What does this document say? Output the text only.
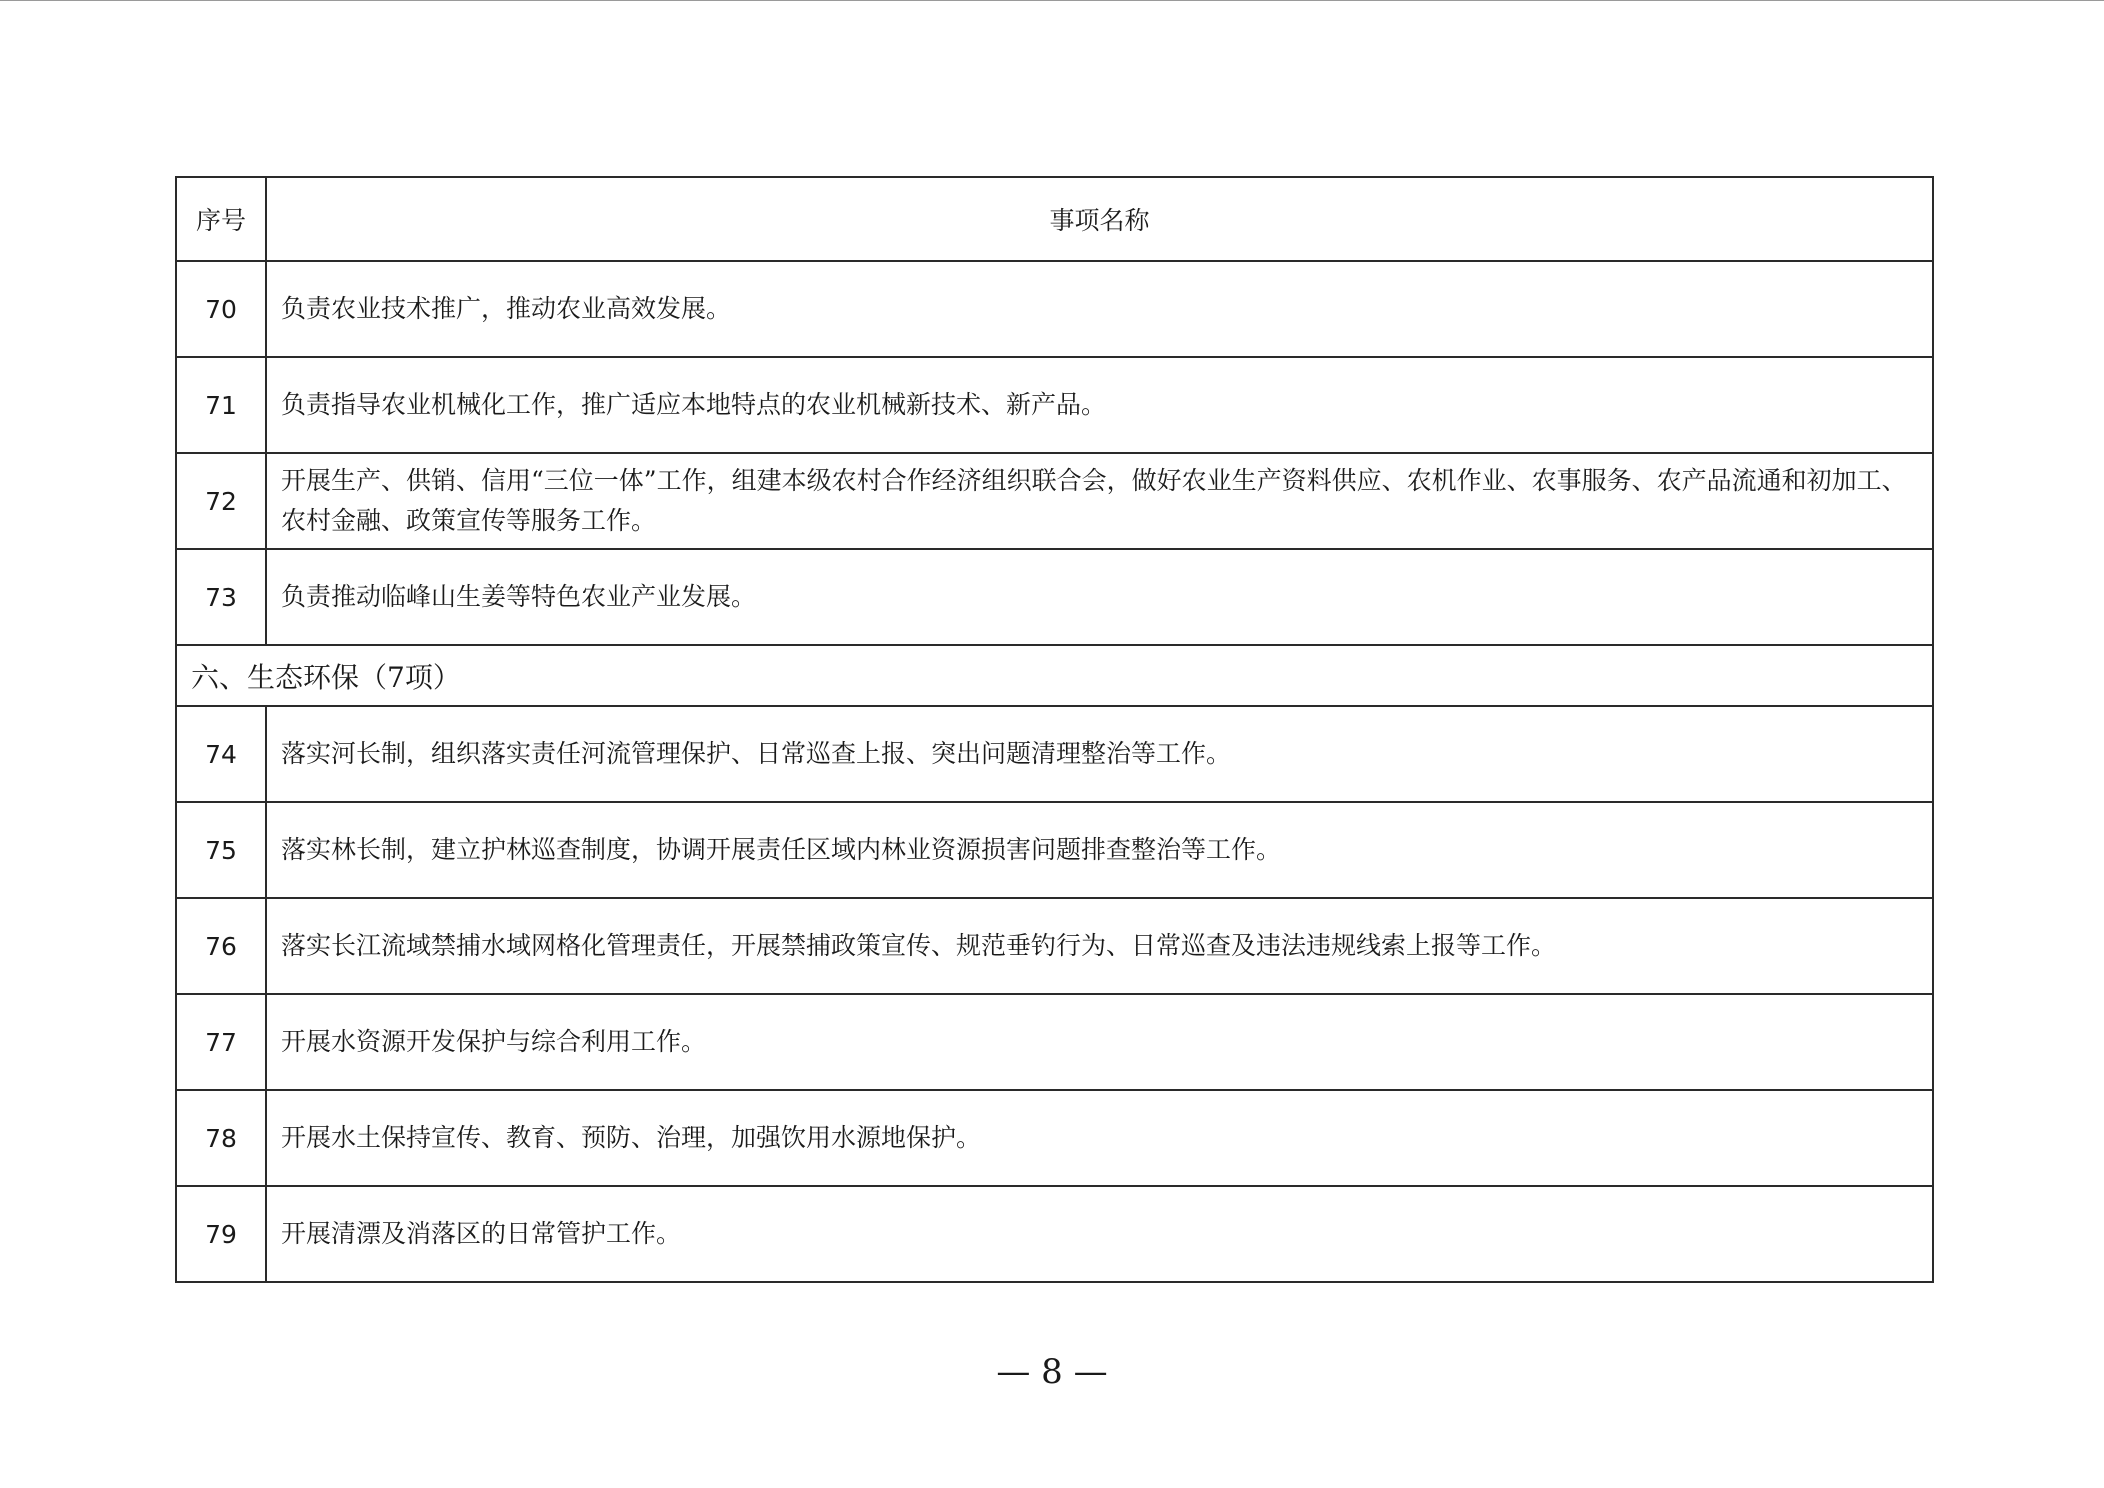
序号	事项名称
70	负责农业技术推广，推动农业高效发展。
71	负责指导农业机械化工作，推广适应本地特点的农业机械新技术、新产品。
72	开展生产、供销、信用“三位一体”工作，组建本级农村合作经济组织联合会，做好农业生产资料供应、农机作业、农事服务、农产品流通和初加工、农村金融、政策宣传等服务工作。
73	负责推动临峰山生姜等特色农业产业发展。
六、生态环保（7项）	
74	落实河长制，组织落实责任河流管理保护、日常巡查上报、突出问题清理整治等工作。
75	落实林长制，建立护林巡查制度，协调开展责任区域内林业资源损害问题排查整治等工作。
76	落实长江流域禁捕水域网格化管理责任，开展禁捕政策宣传、规范垂钓行为、日常巡查及违法违规线索上报等工作。
77	开展水资源开发保护与综合利用工作。
78	开展水土保持宣传、教育、预防、治理，加强饮用水源地保护。
79	开展清漂及消落区的日常管护工作。
— 8 —
